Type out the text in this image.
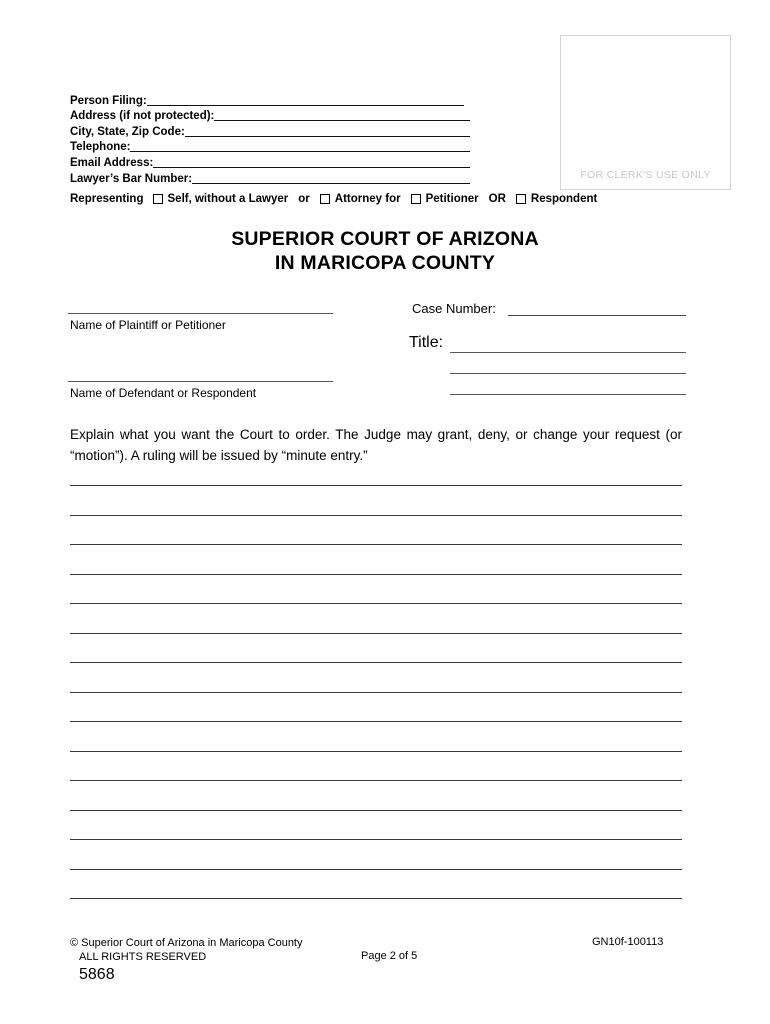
FOR CLERK'S USE ONLY
Person Filing:
Address (if not protected):
City, State, Zip Code:
Telephone:
Email Address:
Lawyer’s Bar Number:
Representing Self, without a Lawyer or Attorney for Petitioner OR Respondent
SUPERIOR COURT OF ARIZONA
IN MARICOPA COUNTY
Name of Plaintiff or Petitioner
Name of Defendant or Respondent
Case Number:
Title:
Explain what you want the Court to order. The Judge may grant, deny, or change your request (or “motion”). A ruling will be issued by “minute entry.”
© Superior Court of Arizona in Maricopa County
ALL RIGHTS RESERVED	Page 2 of 5
GN10f-100113
5868
